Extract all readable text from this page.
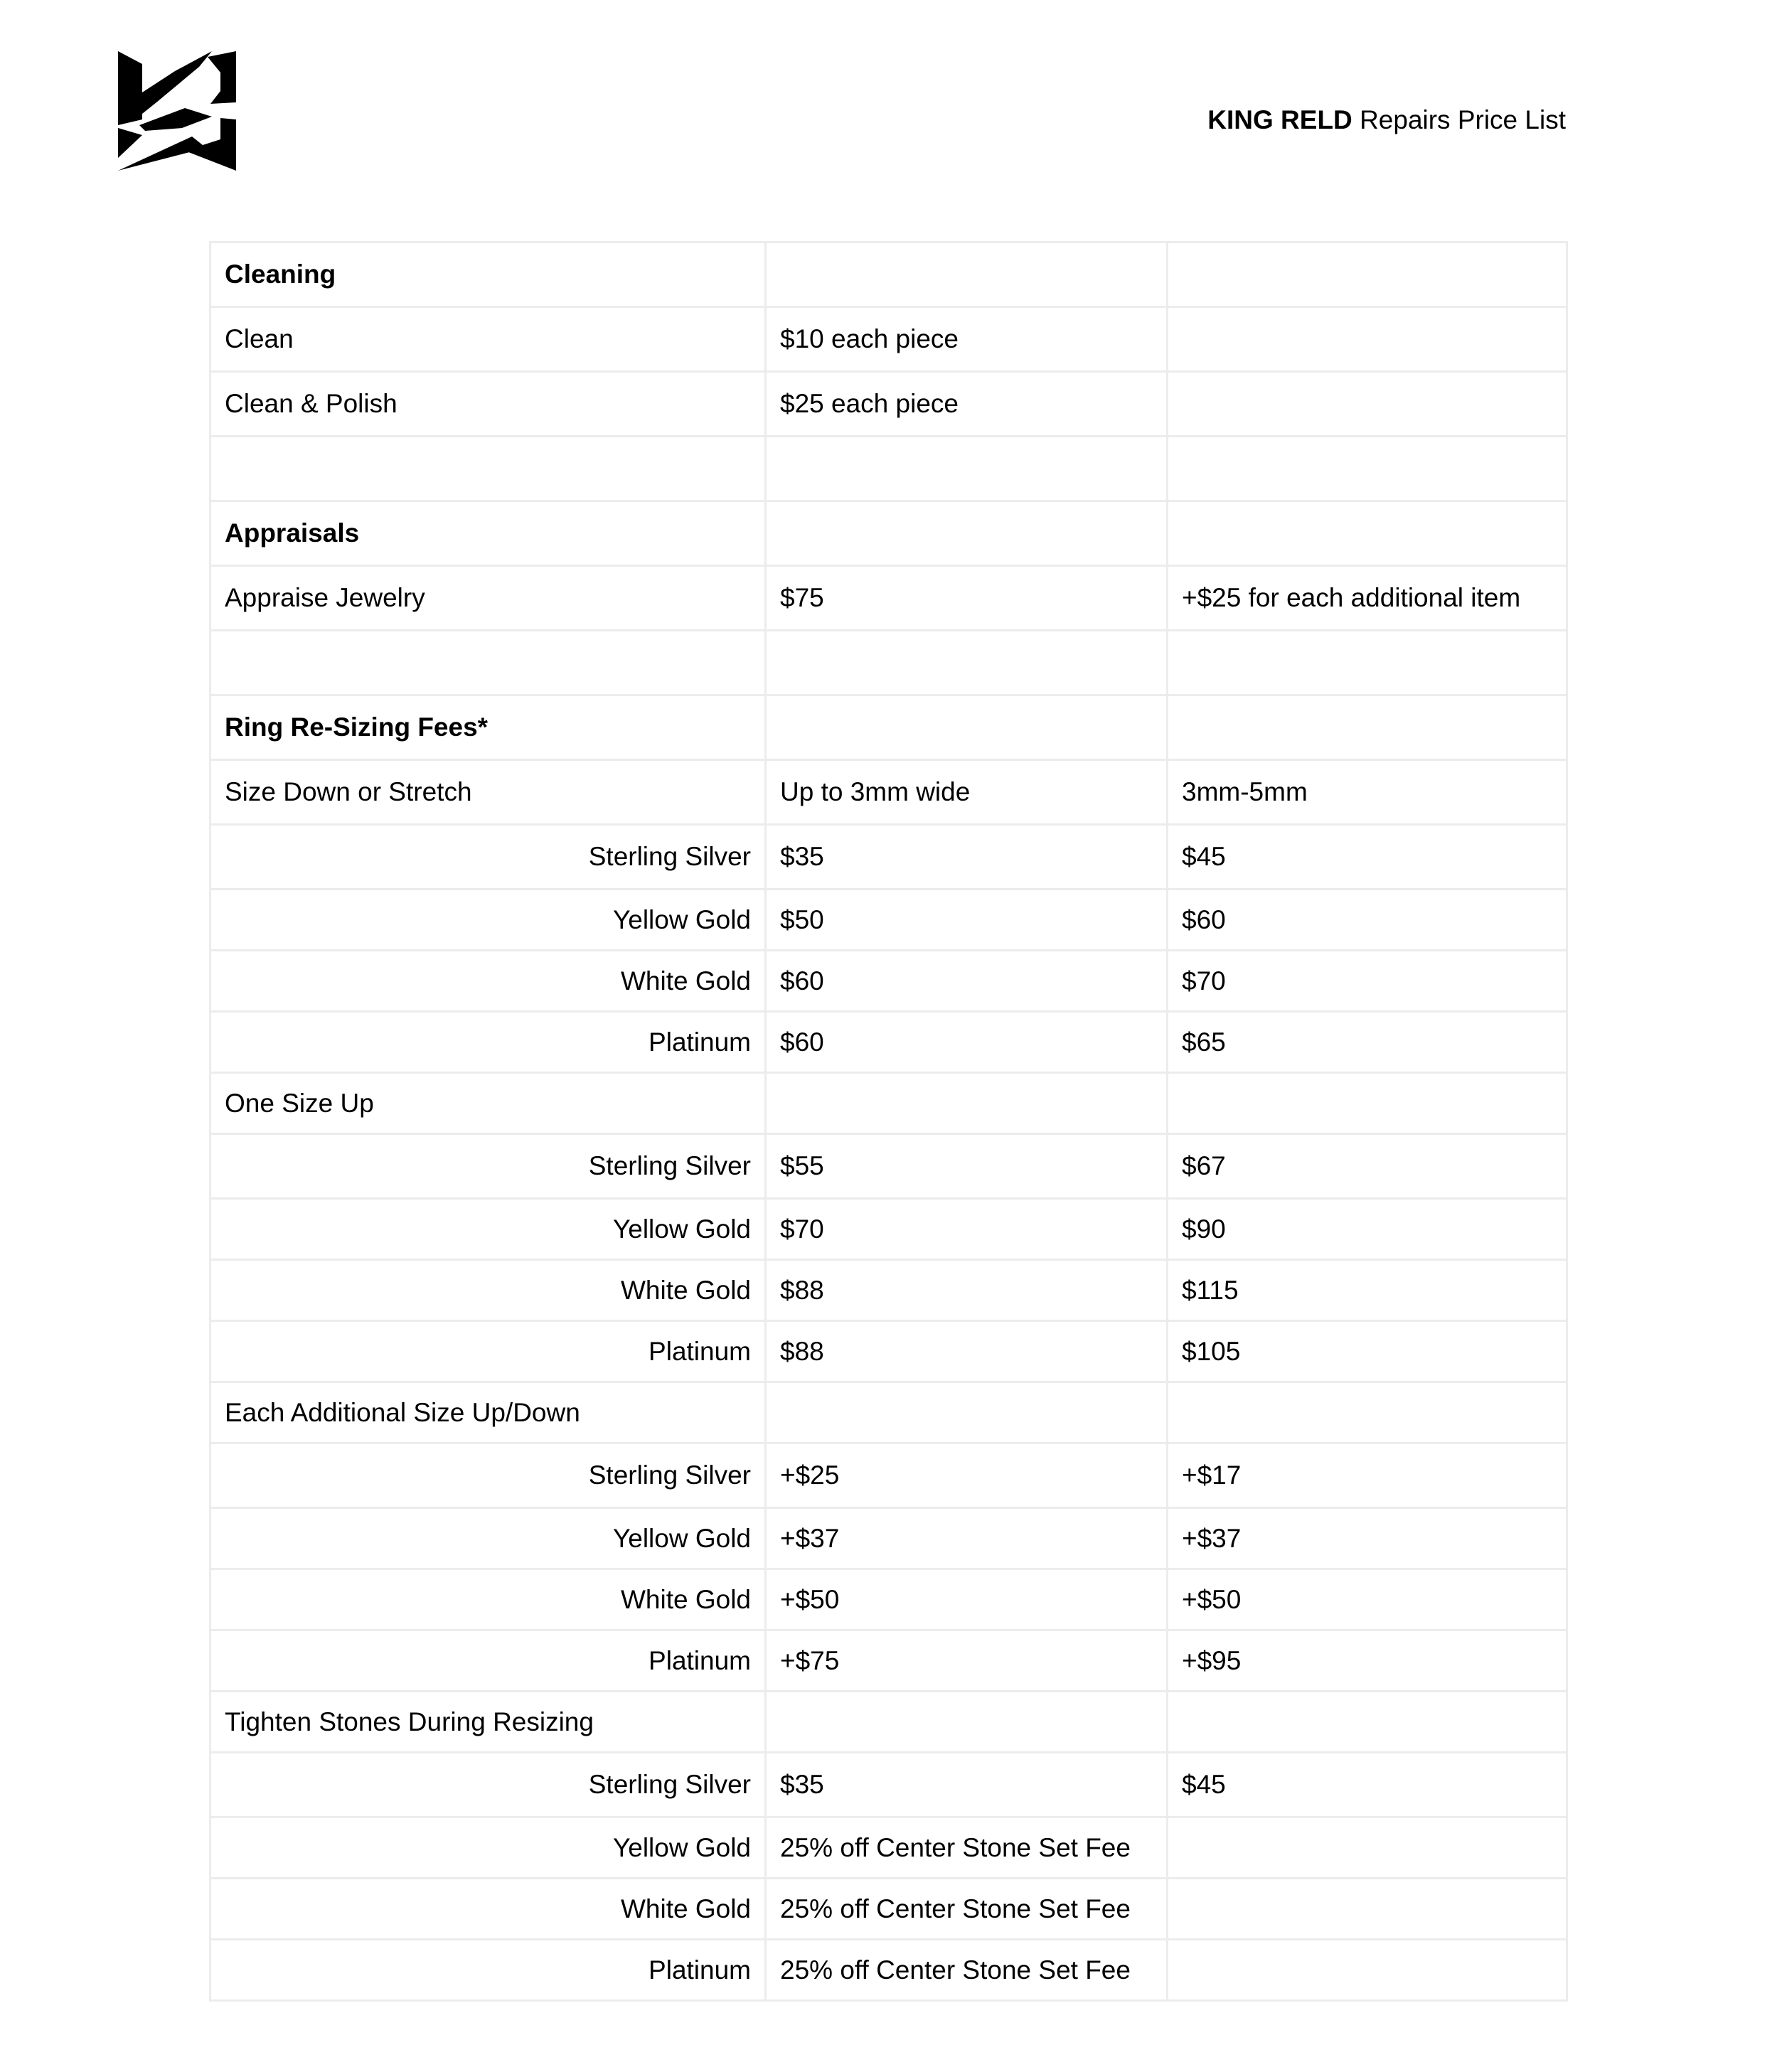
KING RELD Repairs Price List
Cleaning		
Clean	$10 each piece	
Clean & Polish	$25 each piece	

Appraisals		
Appraise Jewelry	$75	+$25 for each additional item

Ring Re-Sizing Fees*		
Size Down or Stretch	Up to 3mm wide	3mm-5mm
Sterling Silver	$35	$45
Yellow Gold	$50	$60
White Gold	$60	$70
Platinum	$60	$65
One Size Up		
Sterling Silver	$55	$67
Yellow Gold	$70	$90
White Gold	$88	$115
Platinum	$88	$105
Each Additional Size Up/Down		
Sterling Silver	+$25	+$17
Yellow Gold	+$37	+$37
White Gold	+$50	+$50
Platinum	+$75	+$95
Tighten Stones During Resizing		
Sterling Silver	$35	$45
Yellow Gold	25% off Center Stone Set Fee	
White Gold	25% off Center Stone Set Fee	
Platinum	25% off Center Stone Set Fee	
